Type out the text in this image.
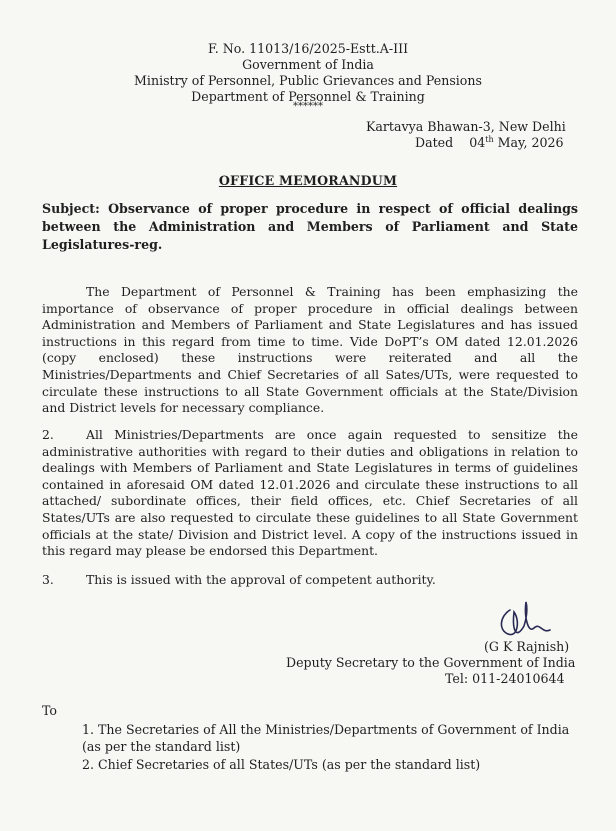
F. No. 11013/16/2025-Estt.A-III
Government of India
Ministry of Personnel, Public Grievances and Pensions
Department of Personnel & Training
******
Kartavya Bhawan-3, New Delhi
Dated 04th May, 2026
OFFICE MEMORANDUM
Subject: Observance of proper procedure in respect of official dealings between the Administration and Members of Parliament and State Legislatures-reg.
The Department of Personnel & Training has been emphasizing the importance of observance of proper procedure in official dealings between Administration and Members of Parliament and State Legislatures and has issued instructions in this regard from time to time. Vide DoPT’s OM dated 12.01.2026 (copy enclosed) these instructions were reiterated and all the Ministries/Departments and Chief Secretaries of all Sates/UTs, were requested to circulate these instructions to all State Government officials at the State/Division and District levels for necessary compliance.
2.	All Ministries/Departments are once again requested to sensitize the administrative authorities with regard to their duties and obligations in relation to dealings with Members of Parliament and State Legislatures in terms of guidelines contained in aforesaid OM dated 12.01.2026 and circulate these instructions to all attached/ subordinate offices, their field offices, etc. Chief Secretaries of all States/UTs are also requested to circulate these guidelines to all State Government officials at the state/ Division and District level. A copy of the instructions issued in this regard may please be endorsed this Department.
3.	This is issued with the approval of competent authority.
(G K Rajnish)
Deputy Secretary to the Government of India
Tel: 011-24010644
To
1. The Secretaries of All the Ministries/Departments of Government of India (as per the standard list)
2. Chief Secretaries of all States/UTs (as per the standard list)
